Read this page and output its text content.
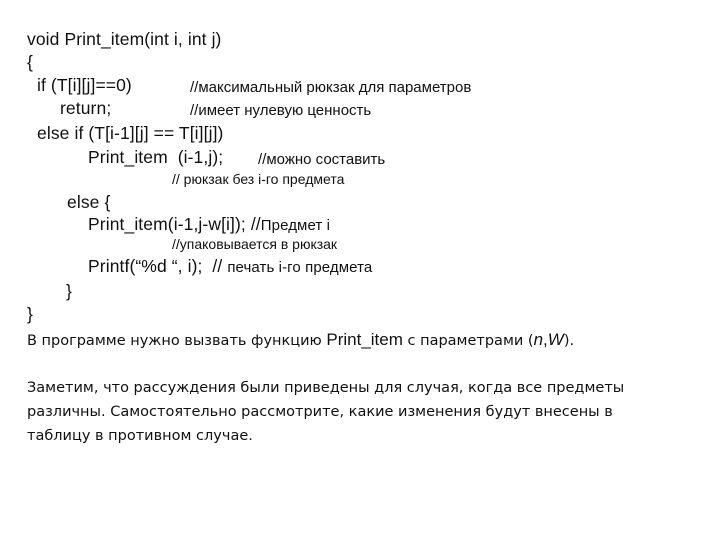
void Print_item(int i, int j)
{
if (T[i][j]==0)	//максимальный рюкзак для параметров
return;	//имеет нулевую ценность
else if (T[i-1][j] == T[i][j])
Print_item  (i-1,j); //можно составить
// рюкзак без i-го предмета
else {
Print_item(i-1,j-w[i]); //Предмет i
//упаковывается в рюкзак
Printf(“%d “, i);  // печать i-го предмета
}
}
В программе нужно вызвать функцию Print_item с параметрами (n,W).
Заметим, что рассуждения были приведены для случая, когда все предметы
различны. Самостоятельно рассмотрите, какие изменения будут внесены в
таблицу в противном случае.
